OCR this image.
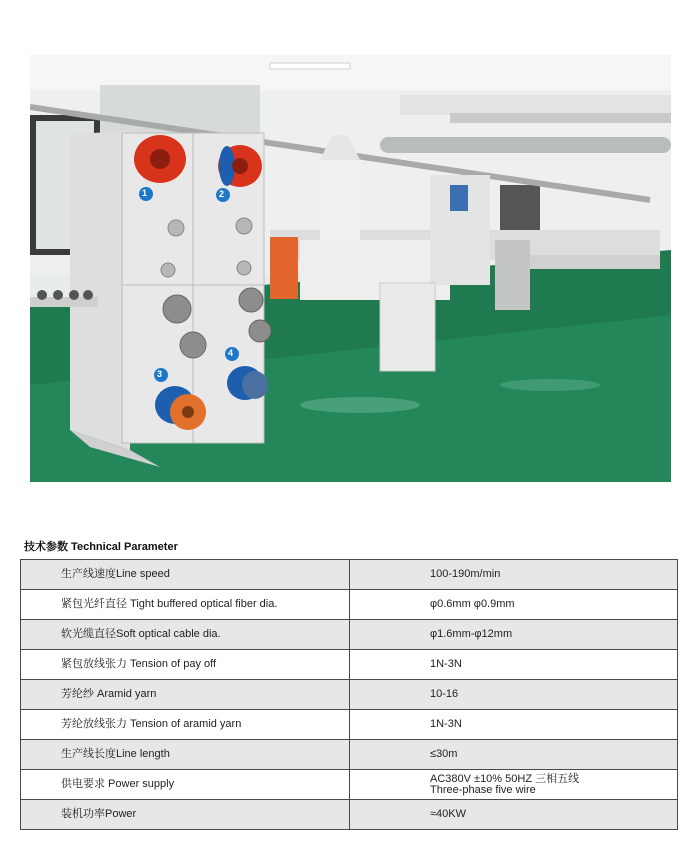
1	2
3
4
技术参数 Technical Parameter
生产线速度Line speed	100-190m/min

紧包光纤直径 Tight buffered optical fiber dia.	φ0.6mm φ0.9mm

软光缆直径Soft optical cable dia.	φ1.6mm-φ12mm

紧包放线张力 Tension of pay off	1N-3N

芳纶纱 Aramid yarn	10-16

芳纶放线张力 Tension of aramid yarn	1N-3N

生产线长度Line length	≤30m

供电要求 Power supply	AC380V ±10% 50HZ 三相五线
Three-phase five wire

装机功率Power	≈40KW
